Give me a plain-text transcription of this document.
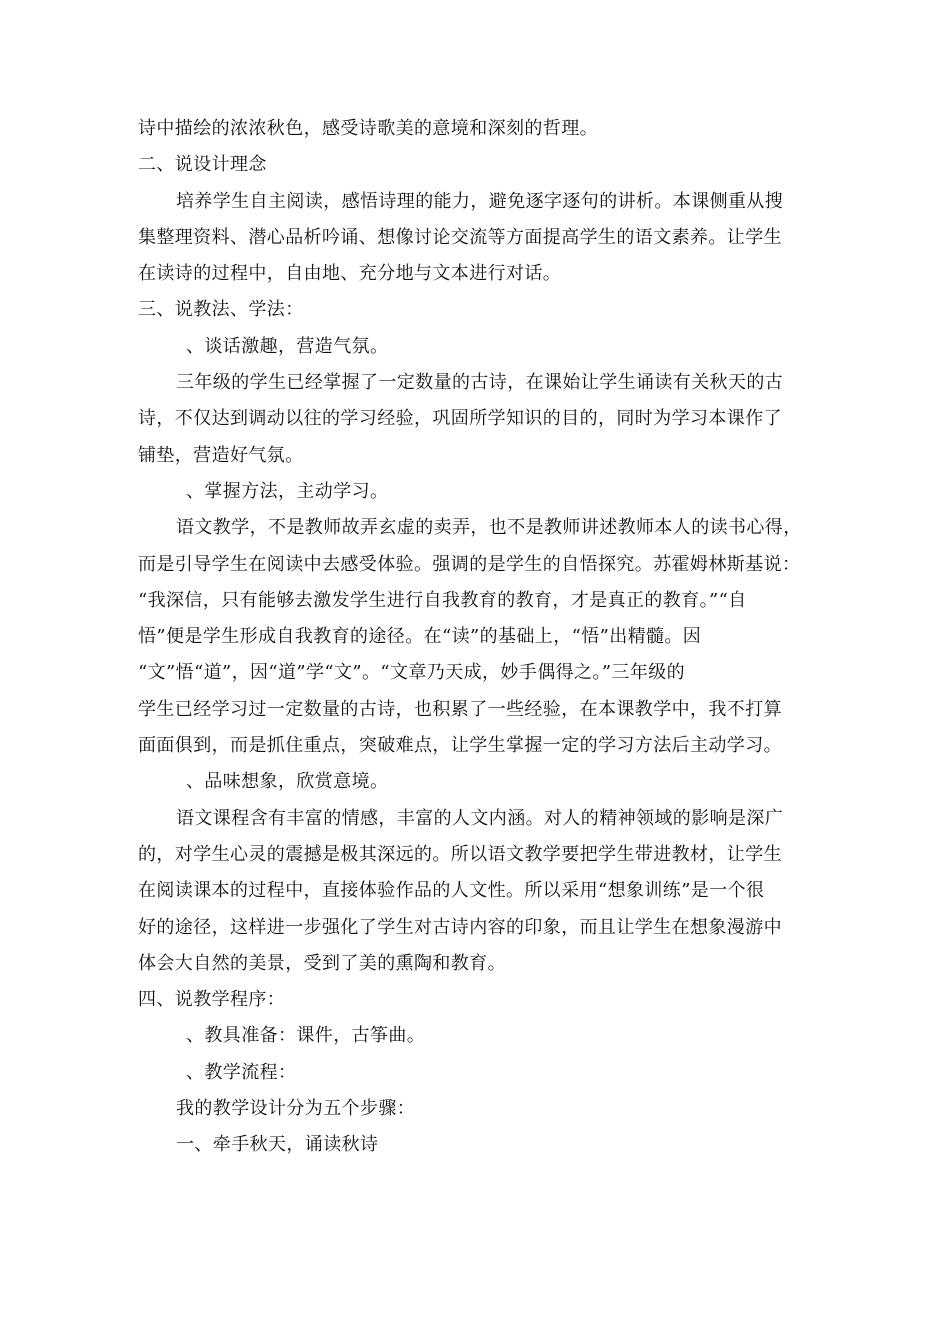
诗中描绘的浓浓秋色，感受诗歌美的意境和深刻的哲理。

二、说设计理念

培养学生自主阅读，感悟诗理的能力，避免逐字逐句的讲析。本课侧重从搜

集整理资料、潜心品析吟诵、想像讨论交流等方面提高学生的语文素养。让学生

在读诗的过程中，自由地、充分地与文本进行对话。

三、说教法、学法：

、谈话激趣，营造气氛。

三年级的学生已经掌握了一定数量的古诗，在课始让学生诵读有关秋天的古

诗，不仅达到调动以往的学习经验，巩固所学知识的目的，同时为学习本课作了

铺垫，营造好气氛。

、掌握方法，主动学习。

语文教学，不是教师故弄玄虚的卖弄，也不是教师讲述教师本人的读书心得，

而是引导学生在阅读中去感受体验。强调的是学生的自悟探究。苏霍姆林斯基说：

“我深信，只有能够去激发学生进行自我教育的教育，才是真正的教育。”“自

悟”便是学生形成自我教育的途径。在“读”的基础上，“悟”出精髓。因

“文”悟“道”，因“道”学“文”。“文章乃天成，妙手偶得之。”三年级的

学生已经学习过一定数量的古诗，也积累了一些经验，在本课教学中，我不打算

面面俱到，而是抓住重点，突破难点，让学生掌握一定的学习方法后主动学习。

、品味想象，欣赏意境。

语文课程含有丰富的情感，丰富的人文内涵。对人的精神领域的影响是深广

的，对学生心灵的震撼是极其深远的。所以语文教学要把学生带进教材，让学生

在阅读课本的过程中，直接体验作品的人文性。所以采用“想象训练”是一个很

好的途径，这样进一步强化了学生对古诗内容的印象，而且让学生在想象漫游中

体会大自然的美景，受到了美的熏陶和教育。

四、说教学程序：

、教具准备：课件，古筝曲。

、教学流程：

我的教学设计分为五个步骤：

一、牵手秋天，诵读秋诗
